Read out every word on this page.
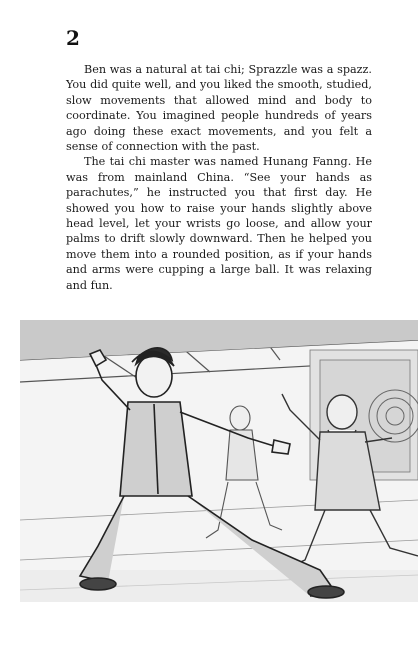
2

Ben was a natural at tai chi; Sprazzle was a spazz. You did quite well, and you liked the smooth, studied, slow movements that allowed mind and body to coordinate. You imagined people hundreds of years ago doing these exact movements, and you felt a sense of connection with the past.

The tai chi master was named Hunang Fanng. He was from mainland China. “See your hands as parachutes,” he instructed you that first day. He showed you how to raise your hands slightly above head level, let your wrists go loose, and allow your palms to drift slowly downward. Then he helped you move them into a rounded position, as if your hands and arms were cupping a large ball. It was relaxing and fun.
